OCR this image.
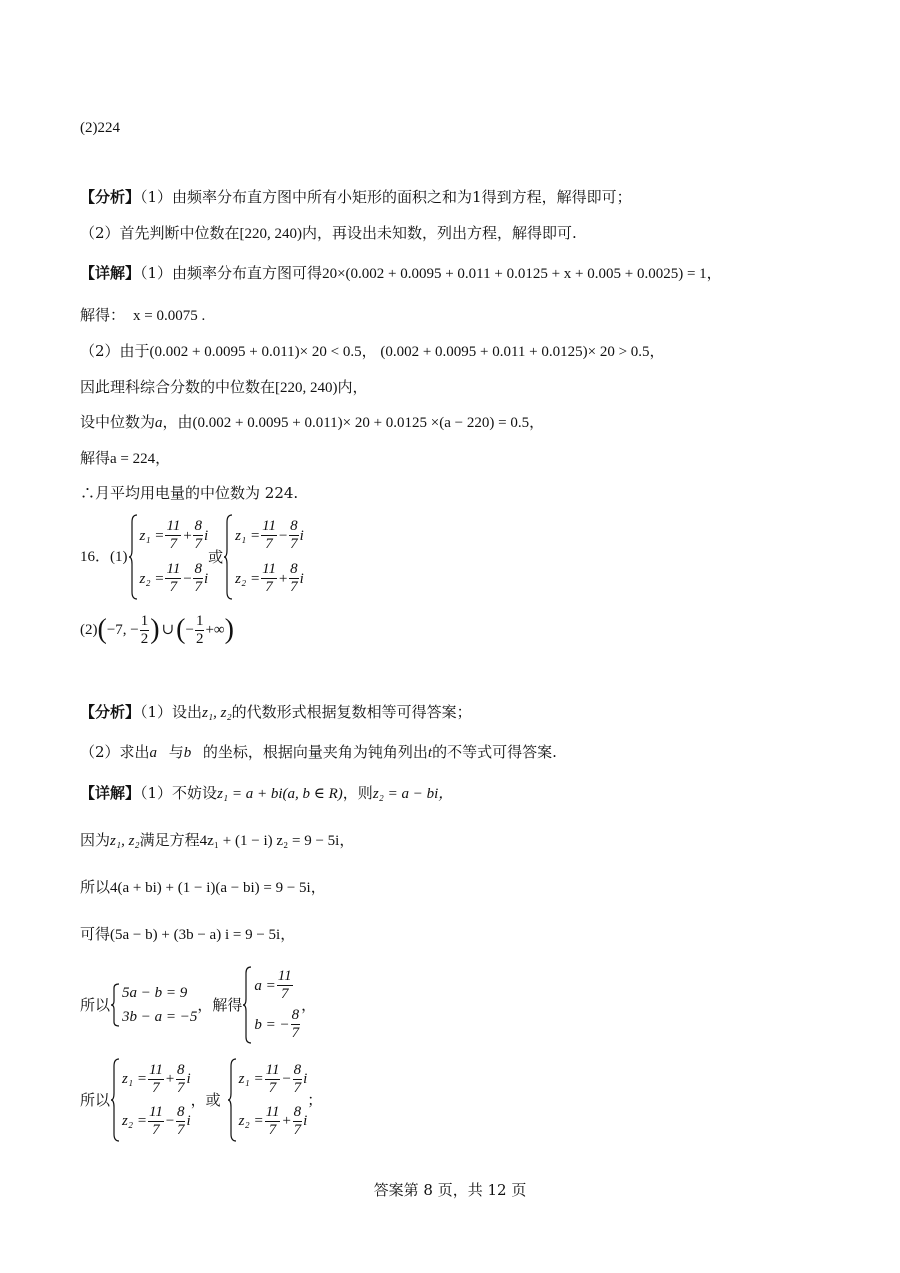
(2)224
【分析】（1）由频率分布直方图中所有小矩形的面积之和为1得到方程，解得即可；
（2）首先判断中位数在[220, 240)内，再设出未知数，列出方程，解得即可.
【详解】（1）由频率分布直方图可得20×(0.002 + 0.0095 + 0.011 + 0.0125 + x + 0.005 + 0.0025) = 1，
解得： x = 0.0075 .
（2）由于(0.002 + 0.0095 + 0.011)× 20 < 0.5， (0.002 + 0.0095 + 0.011 + 0.0125)× 20 > 0.5，
因此理科综合分数的中位数在[220, 240)内，
设中位数为a，由(0.002 + 0.0095 + 0.011)× 20 + 0.0125 ×(a − 220) = 0.5，
解得a = 224，
∴月平均用电量的中位数为 224.
16．(1)
$z_1 = \frac{11}{7} + \frac{8}{7}$ i
$z_2 = \frac{11}{7} - \frac{8}{7}$ i
或
$z_1 = \frac{11}{7} - \frac{8}{7}$ i
$z_2 = \frac{11}{7} + \frac{8}{7}$ i
(2) ( −7, − $\frac{1}{2}$ ) ∪ ( − $\frac{1}{2}$ +∞ )
【分析】（1）设出z₁, z₂的代数形式根据复数相等可得答案；
（2）求出a⃗与b⃗的坐标，根据向量夹角为钝角列出t的不等式可得答案.
【详解】（1）不妨设z₁ = a + bi(a, b ∈ R)，则z₂ = a − bi，
因为z₁, z₂满足方程4z₁ + (1 − i) z₂ = 9 − 5i，
所以4(a + bi) + (1 − i)(a − bi) = 9 − 5i，
可得(5a − b) + (3b − a) i = 9 − 5i，
所以
5a − b = 9
3b − a = −5
，解得
$a = \frac{11}{7}$
b = − $\frac{8}{7}$
，
所以
$z_1 = \frac{11}{7} + \frac{8}{7}$ i
$z_2 = \frac{11}{7} - \frac{8}{7}$ i
，或
$z_1 = \frac{11}{7} - \frac{8}{7}$ i
$z_2 = \frac{11}{7} + \frac{8}{7}$ i
；
答案第 8 页，共 12 页
